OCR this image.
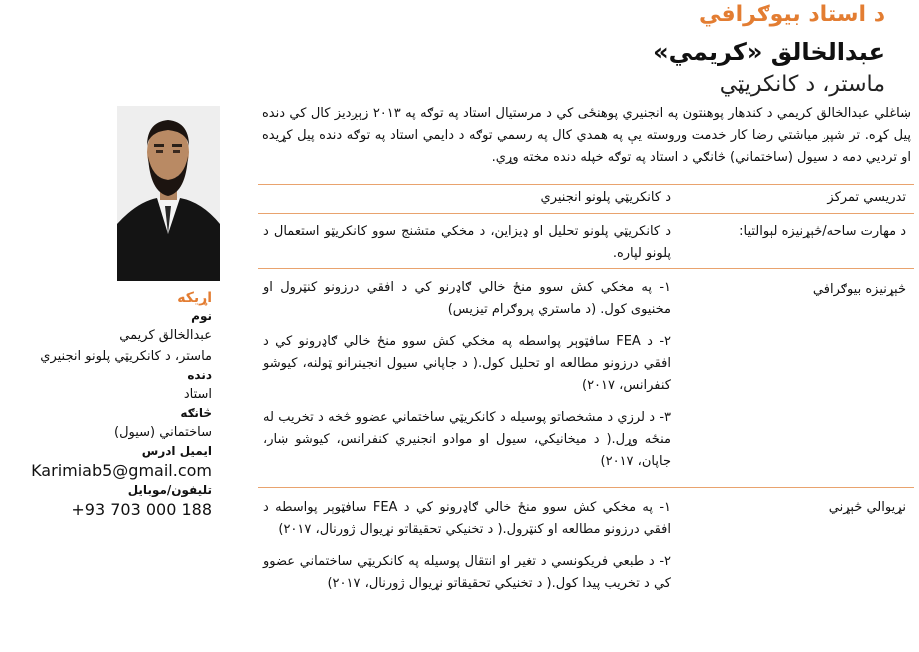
د استاد بيوګرافي
عبدالخالق «کريمي»
ماستر، د کانکريټي
ښاغلي عبدالخالق کريمي د کندهار پوهنتون په انجنيري پوهنځی کي د مرستيال استاد په توګه په ۲۰۱۳ زېږديز کال کي دنده پيل کړه. تر شپږ مياشتي رضا کار خدمت وروسته يې په همدي کال په رسمي توګه د دايمي استاد په توګه دنده پيل کړيده او ترديي دمه د سيول (ساختماني) څانګي د استاد په توګه خپله دنده مخته وړي.
اړيکه
نوم
عبدالخالق کريمي
ماستر، د کانکريټي پلونو انجنيري
دنده
استاد
څانګه
ساختماني (سيول)
ايميل ادرس
Karimiab5@gmail.com
تليفون/موبايل
+93 703 000 188
تدريسي تمرکز

د کانکريټي پلونو انجنيري

د مهارت ساحه/څېړنيزه لېوالتيا:

د کانکريټي پلونو تحليل او ډيزاين، د مخکي متشنج سوو کانکريټو استعمال د پلونو لپاره.

څېړنيزه بيوګرافي

۱- په مخکي کش سوو منځ خالي ګاډرنو کي د افقي درزونو کنټرول او مخنيوی کول. (د ماستري پروګرام تيزيس)

۲- د FEA سافټوېر پواسطه په مخکي کش سوو منځ خالي ګاډرونو کي د افقي درزونو مطالعه او تحليل کول.( د جاپاني سيول انجينرانو ټولنه، کيوشو کنفرانس، ۲۰۱۷)

۳- د لرزي د مشخصاتو پوسيله د کانکريټي ساختماني عضوو څخه د تخريب له منځه وړل.( د ميخانيکي، سيول او موادو انجنيري کنفرانس، کيوشو ښار، جاپان، ۲۰۱۷)

نړيوالي څېړني

۱- په مخکي کش سوو منځ خالي ګاډرونو کي د FEA سافټوېر پواسطه د افقي درزونو مطالعه او کنټرول.( د تخنيکي تحقيقاتو نړيوال ژورنال، ۲۰۱۷)

۲- د طبعي فريکونسي د تغير او انتقال پوسيله په کانکريټي ساختماني عضوو کي د تخريب پيدا کول.( د تخنيکي تحقيقاتو نړيوال ژورنال، ۲۰۱۷)
